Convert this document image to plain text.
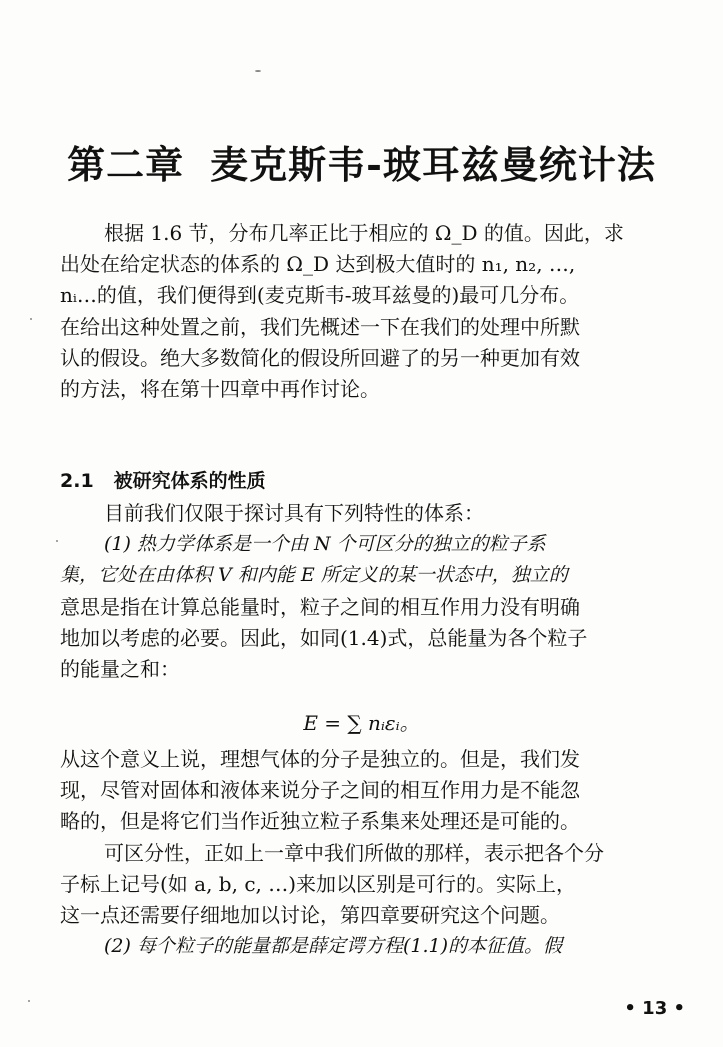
第二章 麦克斯韦-玻耳兹曼统计法
根据 1.6 节，分布几率正比于相应的 Ω_D 的值。因此，求
出处在给定状态的体系的 Ω_D 达到极大值时的 n₁, n₂, …,
nᵢ…的值，我们便得到(麦克斯韦-玻耳兹曼的)最可几分布。
在给出这种处置之前，我们先概述一下在我们的处理中所默
认的假设。绝大多数简化的假设所回避了的另一种更加有效
的方法，将在第十四章中再作讨论。
2.1 被研究体系的性质
目前我们仅限于探讨具有下列特性的体系：
(1) 热力学体系是一个由 N 个可区分的独立的粒子系
集，它处在由体积 V 和内能 E 所定义的某一状态中，独立的
意思是指在计算总能量时，粒子之间的相互作用力没有明确
地加以考虑的必要。因此，如同(1.4)式，总能量为各个粒子
的能量之和：
E = ∑ nᵢεᵢ。
从这个意义上说，理想气体的分子是独立的。但是，我们发
现，尽管对固体和液体来说分子之间的相互作用力是不能忽
略的，但是将它们当作近独立粒子系集来处理还是可能的。
可区分性，正如上一章中我们所做的那样，表示把各个分
子标上记号(如 a, b, c, …)来加以区别是可行的。实际上，
这一点还需要仔细地加以讨论，第四章要研究这个问题。
(2) 每个粒子的能量都是薛定谔方程(1.1)的本征值。假
• 13 •
